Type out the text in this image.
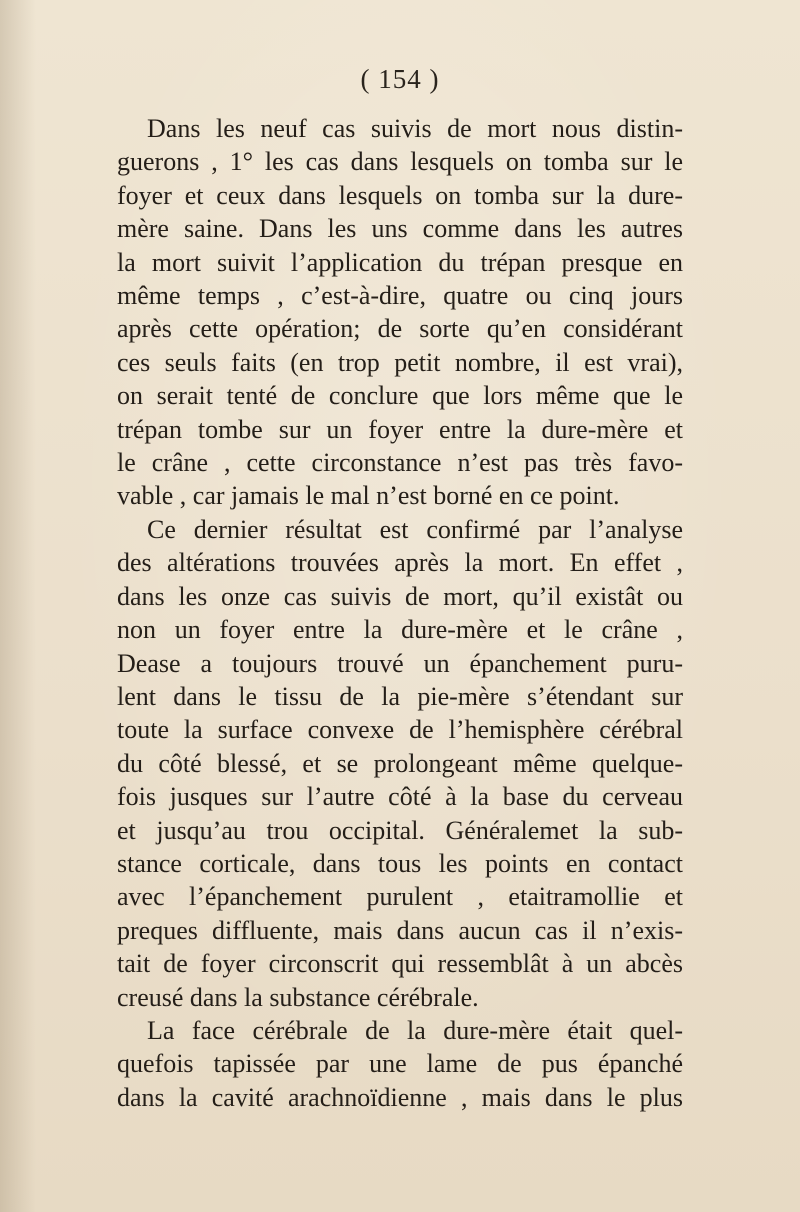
( 154 )
Dans les neuf cas suivis de mort nous distin-
guerons , 1° les cas dans lesquels on tomba sur le
foyer et ceux dans lesquels on tomba sur la dure-
mère saine. Dans les uns comme dans les autres
la mort suivit l’application du trépan presque en
même temps , c’est-à-dire, quatre ou cinq jours
après cette opération; de sorte qu’en considérant
ces seuls faits (en trop petit nombre, il est vrai),
on serait tenté de conclure que lors même que le
trépan tombe sur un foyer entre la dure-mère et
le crâne , cette circonstance n’est pas très favo-
vable , car jamais le mal n’est borné en ce point.
Ce dernier résultat est confirmé par l’analyse
des altérations trouvées après la mort. En effet ,
dans les onze cas suivis de mort, qu’il existât ou
non un foyer entre la dure-mère et le crâne ,
Dease a toujours trouvé un épanchement puru-
lent dans le tissu de la pie-mère s’étendant sur
toute la surface convexe de l’hemisphère cérébral
du côté blessé, et se prolongeant même quelque-
fois jusques sur l’autre côté à la base du cerveau
et jusqu’au trou occipital. Généralemet la sub-
stance corticale, dans tous les points en contact
avec l’épanchement purulent , etaitramollie et
preques diffluente, mais dans aucun cas il n’exis-
tait de foyer circonscrit qui ressemblât à un abcès
creusé dans la substance cérébrale.
La face cérébrale de la dure-mère était quel-
quefois tapissée par une lame de pus épanché
dans la cavité arachnoïdienne , mais dans le plus
